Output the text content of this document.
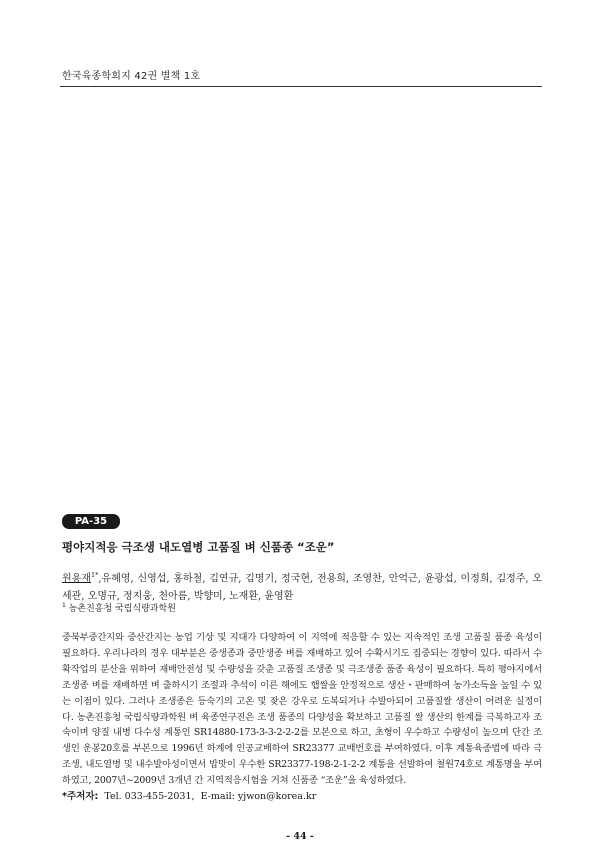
한국육종학회지 42권 별책 1호
PA-35
평야지적응 극조생 내도열병 고품질 벼 신품종 “조운”
원용재$^{1*}$,유혜영, 신영섭, 홍하철, 김연규, 김명기, 정국현, 전용희, 조영찬, 안억근, 윤광섭, 이정희, 김정주, 오세관, 오명규, 정지웅, 천아름, 박향미, 노재환, 윤영환
$^1$ 농촌진흥청 국립식량과학원
중북부중간지와 중산간지는 농업 기상 및 지대가 다양하여 이 지역에 적응할 수 있는 지속적인 조생 고품질 품종 육성이 필요하다. 우리나라의 경우 대부분은 중생종과 중만생종 벼를 재배하고 있어 수확시기도 집중되는 경향이 있다. 따라서 수확작업의 분산을 위하여 재배안전성 및 수량성을 갖춘 고품질 조생종 및 극조생종 품종 육성이 필요하다. 특히 평야지에서 조생종 벼를 재배하면 벼 출하시기 조절과 추석이 이른 해에도 햅쌀을 안정적으로 생산・판매하여 농가소득을 높일 수 있는 이점이 있다. 그러나 조생종은 등숙기의 고온 및 잦은 강우로 도복되거나 수발아되어 고품질쌀 생산이 어려운 실정이다. 농촌진흥청 국립식량과학원 벼 육종연구진은 조생 품종의 다양성을 확보하고 고품질 쌀 생산의 한계를 극복하고자 조숙이며 양질 내병 다수성 계통인 SR14880-173-3-3-2-2-2를 모본으로 하고, 초형이 우수하고 수량성이 높으며 단간 조생인 운봉20호를 부본으로 1996년 하계에 인공교배하여 SR23377 교배번호를 부여하였다. 이후 계통육종법에 따라 극조생, 내도열병 및 내수발아성이면서 밥맛이 우수한 SR23377-198-2-1-2-2 계통을 선발하여 철원74호로 계통명을 부여하였고, 2007년∼2009년 3개년 간 지역적응시험을 거쳐 신품종 “조운”을 육성하였다.
*주저자: Tel. 033-455-2031, E-mail: yjwon@korea.kr
- 44 -
